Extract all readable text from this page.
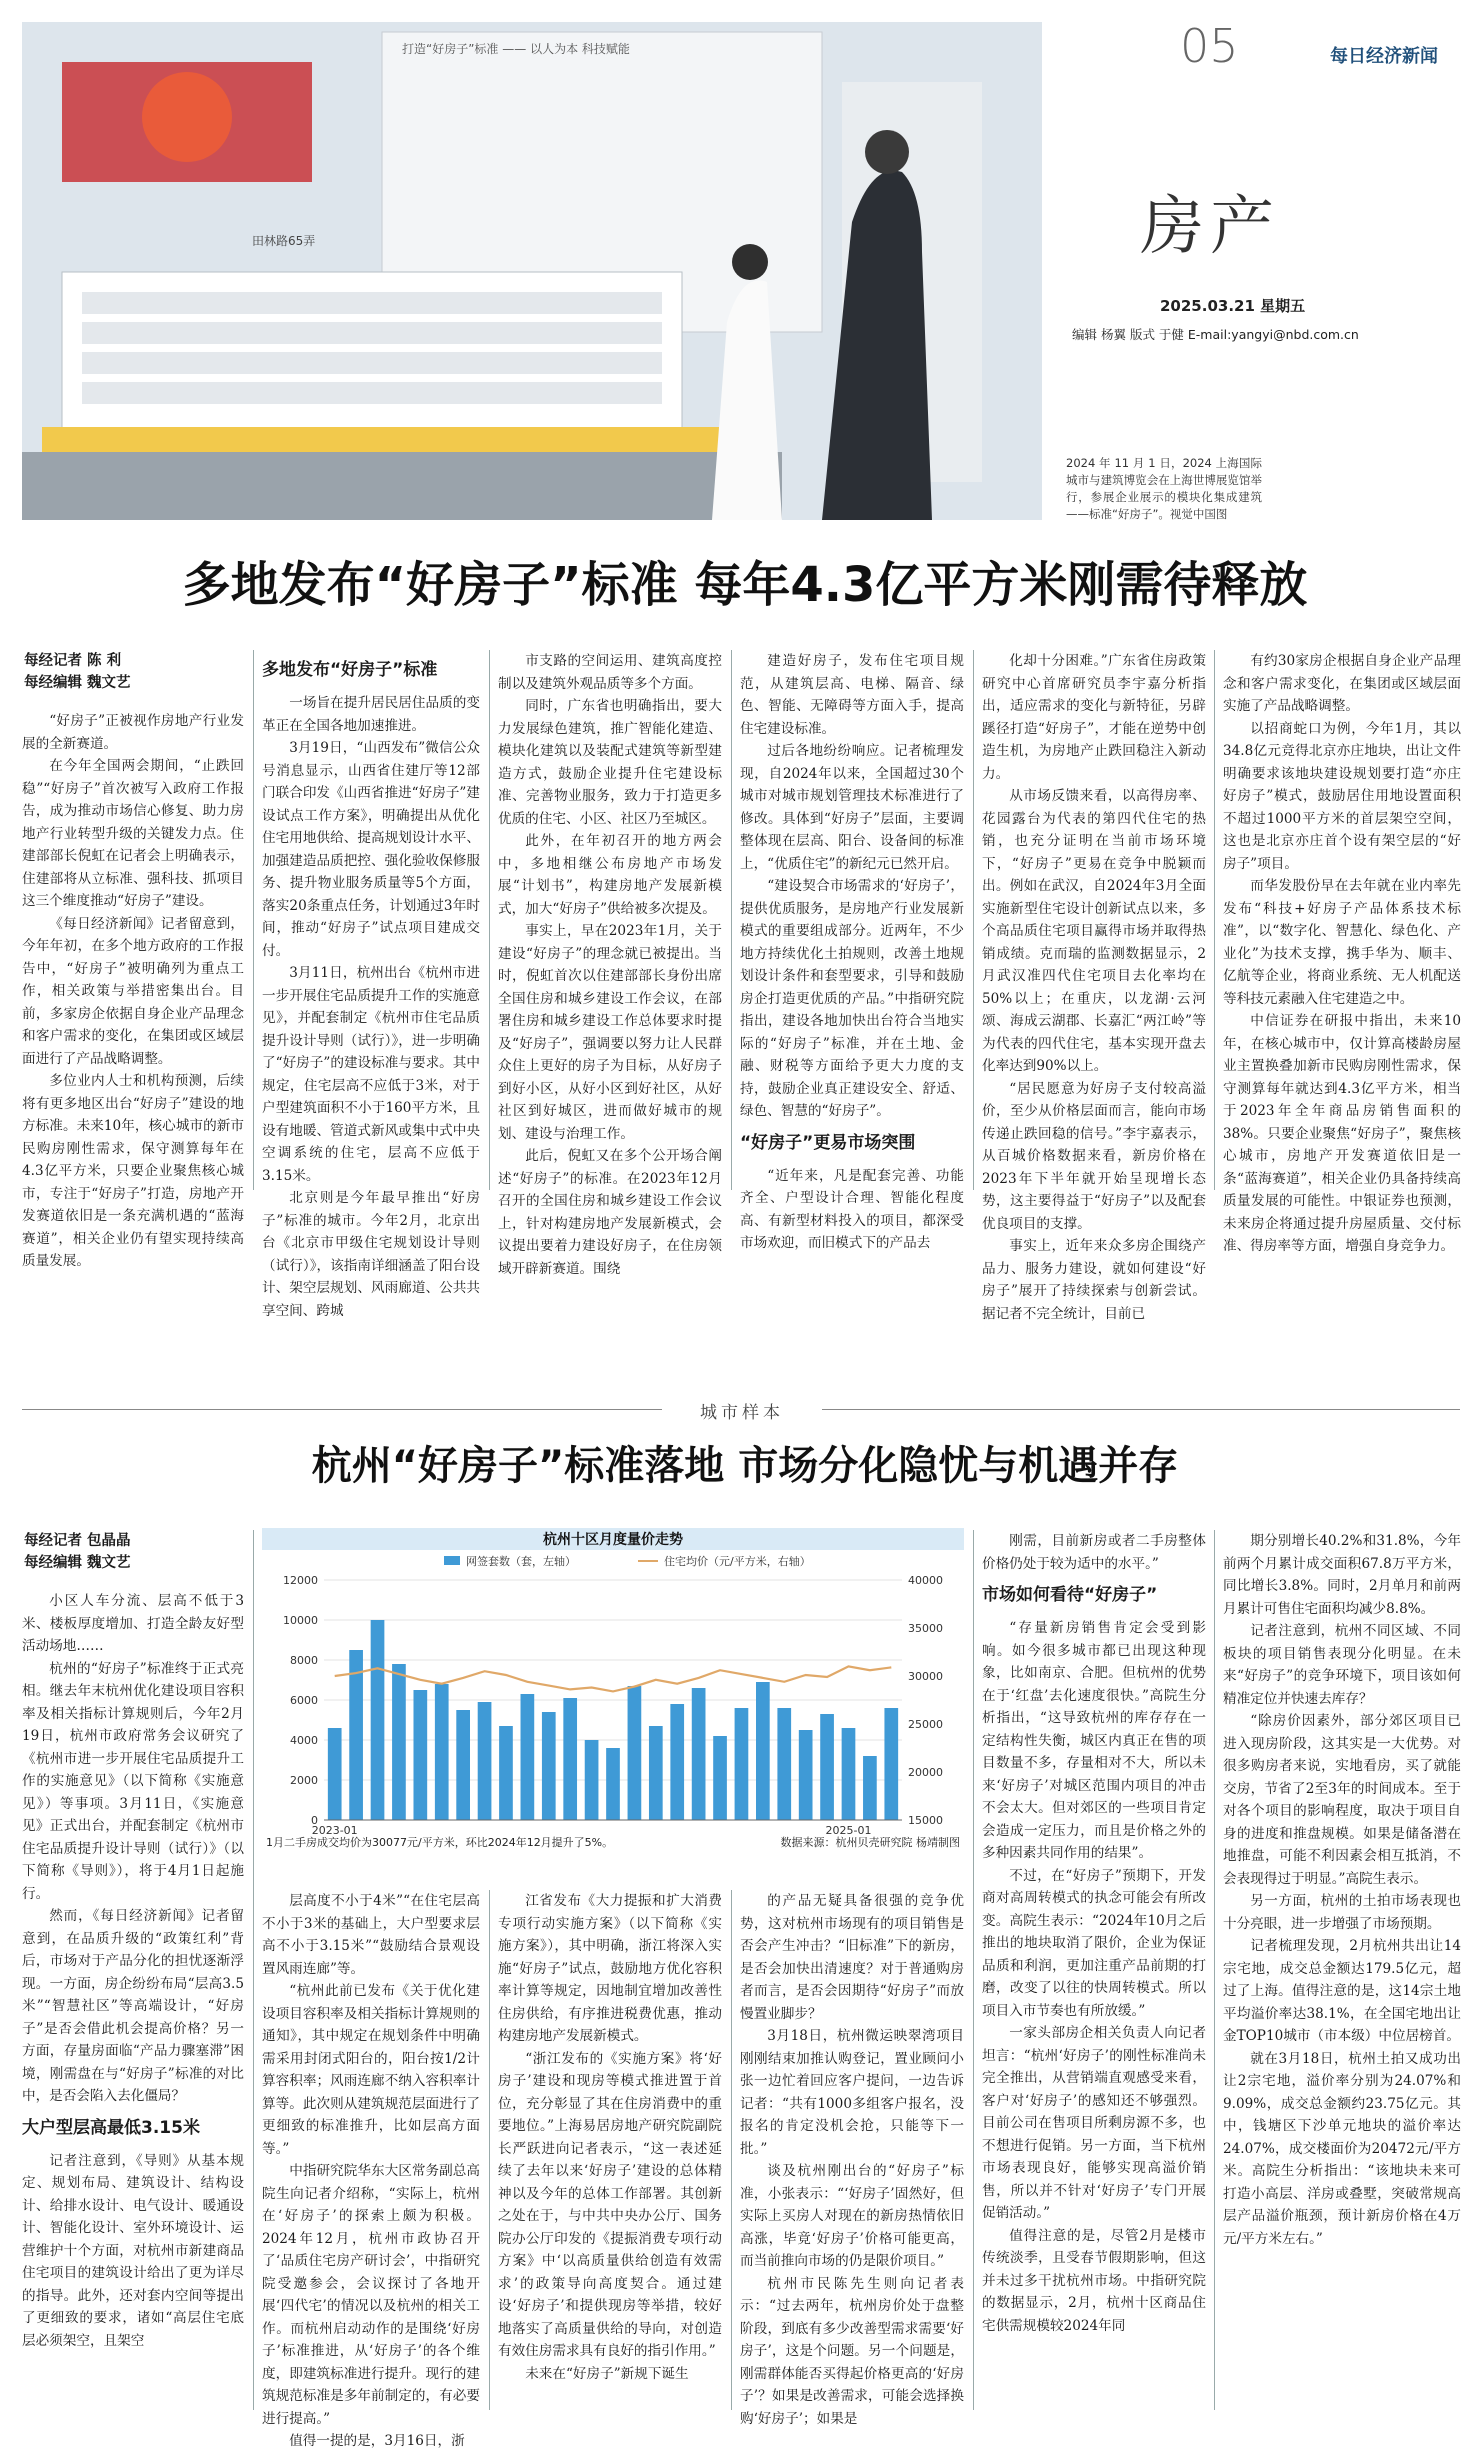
05	每日经济新闻
房产
2025.03.21 星期五
编辑 杨翼 版式 于健 E-mail:yangyi@nbd.com.cn
打造“好房子”标准 —— 以人为本 科技赋能
田林路65弄
2024 年 11 月 1 日，2024 上海国际城市与建筑博览会在上海世博展览馆举行，参展企业展示的模块化集成建筑——标准“好房子”。视觉中国图
多地发布“好房子”标准 每年4.3亿平方米刚需待释放
每经记者 陈 利
每经编辑 魏文艺

“好房子”正被视作房地产行业发展的全新赛道。

在今年全国两会期间，“止跌回稳”“好房子”首次被写入政府工作报告，成为推动市场信心修复、助力房地产行业转型升级的关键发力点。住建部部长倪虹在记者会上明确表示，住建部将从立标准、强科技、抓项目这三个维度推动“好房子”建设。

《每日经济新闻》记者留意到，今年年初，在多个地方政府的工作报告中，“好房子”被明确列为重点工作，相关政策与举措密集出台。目前，多家房企依据自身企业产品理念和客户需求的变化，在集团或区域层面进行了产品战略调整。

多位业内人士和机构预测，后续将有更多地区出台“好房子”建设的地方标准。未来10年，核心城市的新市民购房刚性需求，保守测算每年在4.3亿平方米，只要企业聚焦核心城市，专注于“好房子”打造，房地产开发赛道依旧是一条充满机遇的“蓝海赛道”，相关企业仍有望实现持续高质量发展。

多地发布“好房子”标准

一场旨在提升居民居住品质的变革正在全国各地加速推进。

3月19日，“山西发布”微信公众号消息显示，山西省住建厅等12部门联合印发《山西省推进“好房子”建设试点工作方案》，明确提出从优化住宅用地供给、提高规划设计水平、加强建造品质把控、强化验收保修服务、提升物业服务质量等5个方面，落实20条重点任务，计划通过3年时间，推动“好房子”试点项目建成交付。

3月11日，杭州出台《杭州市进一步开展住宅品质提升工作的实施意见》，并配套制定《杭州市住宅品质提升设计导则（试行）》，进一步明确了“好房子”的建设标准与要求。其中规定，住宅层高不应低于3米，对于户型建筑面积不小于160平方米，且设有地暖、管道式新风或集中式中央空调系统的住宅，层高不应低于3.15米。

北京则是今年最早推出“好房子”标准的城市。今年2月，北京出台《北京市甲级住宅规划设计导则（试行）》，该指南详细涵盖了阳台设计、架空层规划、风雨廊道、公共共享空间、跨城

市支路的空间运用、建筑高度控制以及建筑外观品质等多个方面。

同时，广东省也明确指出，要大力发展绿色建筑，推广智能化建造、模块化建筑以及装配式建筑等新型建造方式，鼓励企业提升住宅建设标准、完善物业服务，致力于打造更多优质的住宅、小区、社区乃至城区。

此外，在年初召开的地方两会中，多地相继公布房地产市场发展“计划书”，构建房地产发展新模式，加大“好房子”供给被多次提及。

事实上，早在2023年1月，关于建设“好房子”的理念就已被提出。当时，倪虹首次以住建部部长身份出席全国住房和城乡建设工作会议，在部署住房和城乡建设工作总体要求时提及“好房子”，强调要以努力让人民群众住上更好的房子为目标，从好房子到好小区，从好小区到好社区，从好社区到好城区，进而做好城市的规划、建设与治理工作。

此后，倪虹又在多个公开场合阐述“好房子”的标准。在2023年12月召开的全国住房和城乡建设工作会议上，针对构建房地产发展新模式，会议提出要着力建设好房子，在住房领域开辟新赛道。围绕

建造好房子，发布住宅项目规范，从建筑层高、电梯、隔音、绿色、智能、无障碍等方面入手，提高住宅建设标准。

过后各地纷纷响应。记者梳理发现，自2024年以来，全国超过30个城市对城市规划管理技术标准进行了修改。具体到“好房子”层面，主要调整体现在层高、阳台、设备间的标准上，“优质住宅”的新纪元已然开启。

“建设契合市场需求的‘好房子’，提供优质服务，是房地产行业发展新模式的重要组成部分。近两年，不少地方持续优化土拍规则，改善土地规划设计条件和套型要求，引导和鼓励房企打造更优质的产品。”中指研究院指出，建设各地加快出台符合当地实际的“好房子”标准，并在土地、金融、财税等方面给予更大力度的支持，鼓励企业真正建设安全、舒适、绿色、智慧的“好房子”。

“好房子”更易市场突围

“近年来，凡是配套完善、功能齐全、户型设计合理、智能化程度高、有新型材料投入的项目，都深受市场欢迎，而旧模式下的产品去

化却十分困难。”广东省住房政策研究中心首席研究员李宇嘉分析指出，适应需求的变化与新特征，另辟蹊径打造“好房子”，才能在逆势中创造生机，为房地产止跌回稳注入新动力。

从市场反馈来看，以高得房率、花园露台为代表的第四代住宅的热销，也充分证明在当前市场环境下，“好房子”更易在竞争中脱颖而出。例如在武汉，自2024年3月全面实施新型住宅设计创新试点以来，多个高品质住宅项目赢得市场并取得热销成绩。克而瑞的监测数据显示，2月武汉准四代住宅项目去化率均在50%以上；在重庆，以龙湖·云河颂、海成云湖郡、长嘉汇“两江岭”等为代表的四代住宅，基本实现开盘去化率达到90%以上。

“居民愿意为好房子支付较高溢价，至少从价格层面而言，能向市场传递止跌回稳的信号。”李宇嘉表示，从百城价格数据来看，新房价格在2023年下半年就开始呈现增长态势，这主要得益于“好房子”以及配套优良项目的支撑。

事实上，近年来众多房企围绕产品力、服务力建设，就如何建设“好房子”展开了持续探索与创新尝试。据记者不完全统计，目前已

有约30家房企根据自身企业产品理念和客户需求变化，在集团或区域层面实施了产品战略调整。

以招商蛇口为例，今年1月，其以34.8亿元竞得北京亦庄地块，出让文件明确要求该地块建设规划要打造“亦庄好房子”模式，鼓励居住用地设置面积不超过1000平方米的首层架空空间，这也是北京亦庄首个设有架空层的“好房子”项目。

而华发股份早在去年就在业内率先发布“科技+好房子产品体系技术标准”，以“数字化、智慧化、绿色化、产业化”为技术支撑，携手华为、顺丰、亿航等企业，将商业系统、无人机配送等科技元素融入住宅建造之中。

中信证券在研报中指出，未来10年，在核心城市中，仅计算高楼龄房屋业主置换叠加新市民购房刚性需求，保守测算每年就达到4.3亿平方米，相当于2023年全年商品房销售面积的38%。只要企业聚焦“好房子”，聚焦核心城市，房地产开发赛道依旧是一条“蓝海赛道”，相关企业仍具备持续高质量发展的可能性。中银证券也预测，未来房企将通过提升房屋质量、交付标准、得房率等方面，增强自身竞争力。

城市样本
杭州“好房子”标准落地 市场分化隐忧与机遇并存
每经记者 包晶晶
每经编辑 魏文艺

小区人车分流、层高不低于3米、楼板厚度增加、打造全龄友好型活动场地……

杭州的“好房子”标准终于正式亮相。继去年末杭州优化建设项目容积率及相关指标计算规则后，今年2月19日，杭州市政府常务会议研究了《杭州市进一步开展住宅品质提升工作的实施意见》（以下简称《实施意见》）等事项。3月11日，《实施意见》正式出台，并配套制定《杭州市住宅品质提升设计导则（试行）》（以下简称《导则》），将于4月1日起施行。

然而，《每日经济新闻》记者留意到，在品质升级的“政策红利”背后，市场对于产品分化的担忧逐渐浮现。一方面，房企纷纷布局“层高3.5米”“智慧社区”等高端设计，“好房子”是否会借此机会提高价格？另一方面，存量房面临“产品力骤塞滞”困境，刚需盘在与“好房子”标准的对比中，是否会陷入去化僵局？

大户型层高最低3.15米

记者注意到，《导则》从基本规定、规划布局、建筑设计、结构设计、给排水设计、电气设计、暖通设计、智能化设计、室外环境设计、运营维护十个方面，对杭州市新建商品住宅项目的建筑设计给出了更为详尽的指导。此外，还对套内空间等提出了更细致的要求，诸如“高层住宅底层必须架空，且架空

杭州十区月度量价走势
网签套数（套，左轴）	住宅均价（元/平方米，右轴）
0
2000
4000
6000
8000
10000
12000
15000
20000
25000
30000
35000
40000
2023-01	2025-01
1月二手房成交均价为30077元/平方米，环比2024年12月提升了5%。	数据来源：杭州贝壳研究院 杨靖制图

层高度不小于4米”“在住宅层高不小于3米的基础上，大户型要求层高不小于3.15米”“鼓励结合景观设置风雨连廊”等。

“杭州此前已发布《关于优化建设项目容积率及相关指标计算规则的通知》，其中规定在规划条件中明确需采用封闭式阳台的，阳台按1/2计算容积率；风雨连廊不纳入容积率计算等。此次则从建筑规范层面进行了更细致的标准推升，比如层高方面等。”

中指研究院华东大区常务副总高院生向记者介绍称，“实际上，杭州在‘好房子’的探索上颇为积极。2024年12月，杭州市政协召开了‘品质住宅房产研讨会’，中指研究院受邀参会，会议探讨了各地开展‘四代宅’的情况以及杭州的相关工作。而杭州启动动作的是围绕‘好房子’标准推进，从‘好房子’的各个维度，即建筑标准进行提升。现行的建筑规范标准是多年前制定的，有必要进行提高。”

值得一提的是，3月16日，浙

江省发布《大力提振和扩大消费专项行动实施方案》（以下简称《实施方案》），其中明确，浙江将深入实施“好房子”试点，鼓励地方优化容积率计算等规定，因地制宜增加改善性住房供给，有序推进税费优惠，推动构建房地产发展新模式。

“浙江发布的《实施方案》将‘好房子’建设和现房等模式推进置于首位，充分彰显了其在住房消费中的重要地位。”上海易居房地产研究院副院长严跃进向记者表示，“这一表述延续了去年以来‘好房子’建设的总体精神以及今年的总体工作部署。其创新之处在于，与中共中央办公厅、国务院办公厅印发的《提振消费专项行动方案》中‘以高质量供给创造有效需求’的政策导向高度契合。通过建设‘好房子’和提供现房等举措，较好地落实了高质量供给的导向，对创造有效住房需求具有良好的指引作用。”

未来在“好房子”新规下诞生

的产品无疑具备很强的竞争优势，这对杭州市场现有的项目销售是否会产生冲击？“旧标准”下的新房，是否会加快出清速度？对于普通购房者而言，是否会因期待“好房子”而放慢置业脚步？

3月18日，杭州微运映翠湾项目刚刚结束加推认购登记，置业顾问小张一边忙着回应客户提问，一边告诉记者：“共有1000多组客户报名，没报名的肯定没机会抢，只能等下一批。”

谈及杭州刚出台的“好房子”标准，小张表示：“‘好房子’固然好，但实际上买房人对现在的新房热情依旧高涨，毕竟‘好房子’价格可能更高，而当前推向市场的仍是限价项目。”

杭州市民陈先生则向记者表示：“过去两年，杭州房价处于盘整阶段，到底有多少改善型需求需要‘好房子’，这是个问题。另一个问题是，刚需群体能否买得起价格更高的‘好房子’？如果是改善需求，可能会选择换购‘好房子’；如果是

刚需，目前新房或者二手房整体价格仍处于较为适中的水平。”

市场如何看待“好房子”

“存量新房销售肯定会受到影响。如今很多城市都已出现这种现象，比如南京、合肥。但杭州的优势在于‘红盘’去化速度很快。”高院生分析指出，“这导致杭州的库存存在一定结构性失衡，城区内真正在售的项目数量不多，存量相对不大，所以未来‘好房子’对城区范围内项目的冲击不会太大。但对郊区的一些项目肯定会造成一定压力，而且是价格之外的多种因素共同作用的结果”。

不过，在“好房子”预期下，开发商对高周转模式的执念可能会有所改变。高院生表示：“2024年10月之后推出的地块取消了限价，企业为保证品质和利润，更加注重产品前期的打磨，改变了以往的快周转模式。所以项目入市节奏也有所放缓。”

一家头部房企相关负责人向记者坦言：“杭州‘好房子’的刚性标准尚未完全推出，从营销端直观感受来看，客户对‘好房子’的感知还不够强烈。目前公司在售项目所剩房源不多，也不想进行促销。另一方面，当下杭州市场表现良好，能够实现高溢价销售，所以并不针对‘好房子’专门开展促销活动。”

值得注意的是，尽管2月是楼市传统淡季，且受春节假期影响，但这并未过多干扰杭州市场。中指研究院的数据显示，2月，杭州十区商品住宅供需规模较2024年同

期分别增长40.2%和31.8%，今年前两个月累计成交面积67.8万平方米，同比增长3.8%。同时，2月单月和前两月累计可售住宅面积均减少8.8%。

记者注意到，杭州不同区域、不同板块的项目销售表现分化明显。在未来“好房子”的竞争环境下，项目该如何精准定位并快速去库存？

“除房价因素外，部分郊区项目已进入现房阶段，这其实是一大优势。对很多购房者来说，实地看房，买了就能交房，节省了2至3年的时间成本。至于对各个项目的影响程度，取决于项目自身的进度和推盘规模。如果是储备潜在地推盘，可能不利因素会相互抵消，不会表现得过于明显。”高院生表示。

另一方面，杭州的土拍市场表现也十分亮眼，进一步增强了市场预期。

记者梳理发现，2月杭州共出让14宗宅地，成交总金额达179.5亿元，超过了上海。值得注意的是，这14宗土地平均溢价率达38.1%，在全国宅地出让金TOP10城市（市本级）中位居榜首。

就在3月18日，杭州土拍又成功出让2宗宅地，溢价率分别为24.07%和9.09%，成交总金额约23.75亿元。其中，钱塘区下沙单元地块的溢价率达24.07%，成交楼面价为20472元/平方米。高院生分析指出：“该地块未来可打造小高层、洋房或叠墅，突破常规高层产品溢价瓶颈，预计新房价格在4万元/平方米左右。”
